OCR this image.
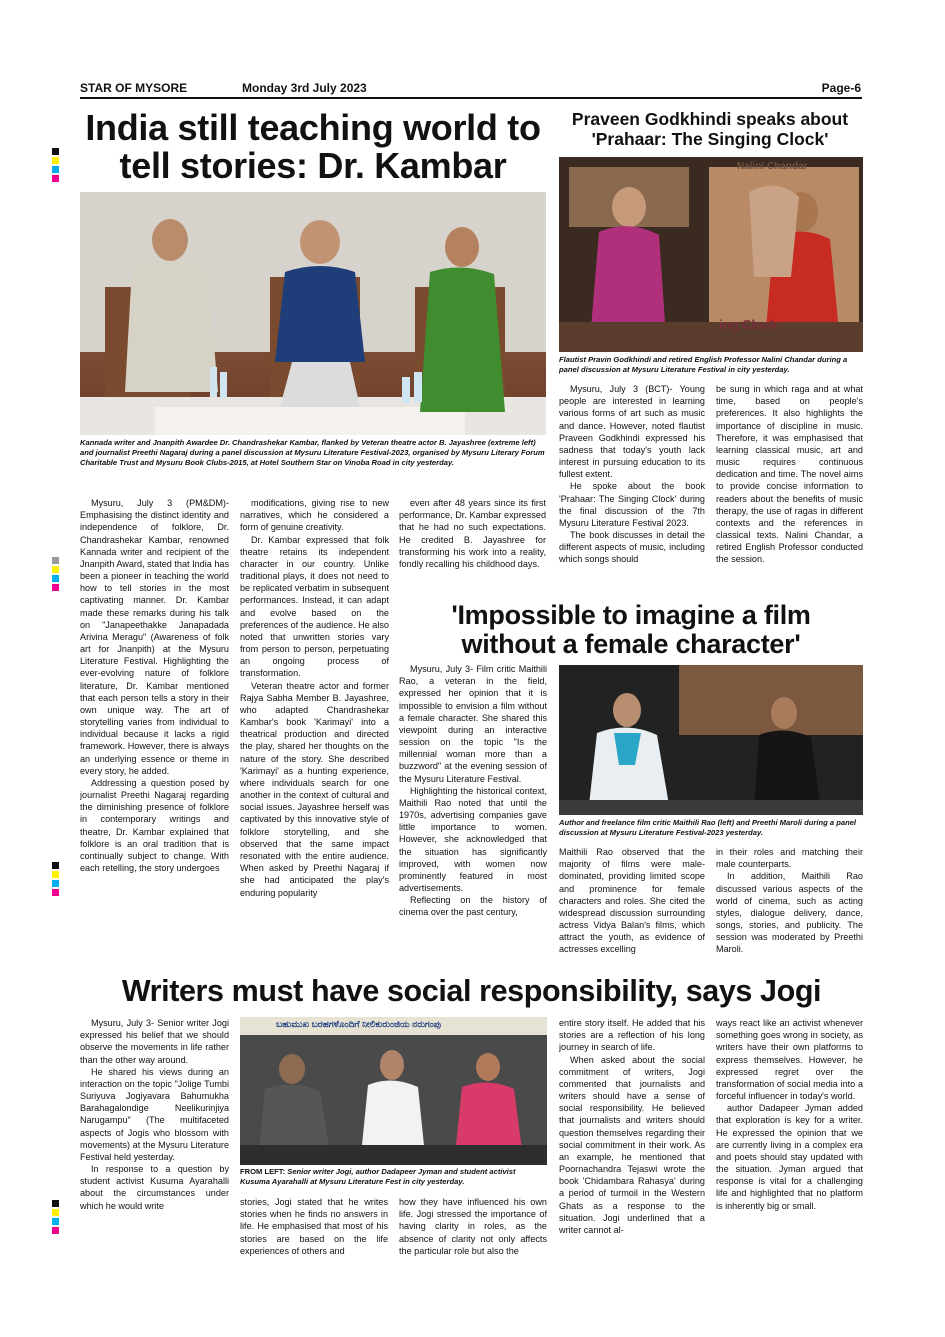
STAR OF MYSORE	Monday 3rd July 2023	Page-6
India still teaching world to
tell stories: Dr. Kambar
Kannada writer and Jnanpith Awardee Dr. Chandrashekar Kambar, flanked by Veteran theatre actor B. Jayashree (extreme left) and journalist Preethi Nagaraj during a panel discussion at Mysuru Literature Festival-2023, organised by Mysuru Literary Forum Charitable Trust and Mysuru Book Clubs-2015, at Hotel Southern Star on Vinoba Road in city yesterday.

Mysuru, July 3 (PM&DM)- Emphasising the distinct identity and independence of folklore, Dr. Chandrashekar Kambar, renowned Kannada writer and recipient of the Jnanpith Award, stated that India has been a pioneer in teaching the world how to tell stories in the most captivating manner. Dr. Kambar made these remarks during his talk on "Janapeethakke Janapadada Arivina Meragu" (Awareness of folk art for Jnanpith) at the Mysuru Literature Festival. Highlighting the ever-evolving nature of folklore literature, Dr. Kambar mentioned that each person tells a story in their own unique way. The art of storytelling varies from individual to individual because it lacks a rigid framework. However, there is always an underlying essence or theme in every story, he added.

Addressing a question posed by journalist Preethi Nagaraj regarding the diminishing presence of folklore in contemporary writings and theatre, Dr. Kambar explained that folklore is an oral tradition that is continually subject to change. With each retelling, the story undergoes

modifications, giving rise to new narratives, which he considered a form of genuine creativity.

Dr. Kambar expressed that folk theatre retains its independent character in our country. Unlike traditional plays, it does not need to be replicated verbatim in subsequent performances. Instead, it can adapt and evolve based on the preferences of the audience. He also noted that unwritten stories vary from person to person, perpetuating an ongoing process of transformation.

Veteran theatre actor and former Rajya Sabha Member B. Jayashree, who adapted Chandrashekar Kambar's book 'Karimayi' into a theatrical production and directed the play, shared her thoughts on the nature of the story. She described 'Karimayi' as a hunting experience, where individuals search for one another in the context of cultural and social issues. Jayashree herself was captivated by this innovative style of folklore storytelling, and she observed that the same impact resonated with the entire audience. When asked by Preethi Nagaraj if she had anticipated the play's enduring popularity

even after 48 years since its first performance, Dr. Kambar expressed that he had no such expectations. He credited B. Jayashree for transforming his work into a reality, fondly recalling his childhood days.

Praveen Godkhindi speaks about
'Prahaar: The Singing Clock'
Nalini Chandar
ing Clock
Flautist Pravin Godkhindi and retired English Professor Nalini Chandar during a panel discussion at Mysuru Literature Festival in city yesterday.

Mysuru, July 3 (BCT)- Young people are interested in learning various forms of art such as music and dance. However, noted flautist Praveen Godkhindi expressed his sadness that today's youth lack interest in pursuing education to its fullest extent.

He spoke about the book 'Prahaar: The Singing Clock' during the final discussion of the 7th Mysuru Literature Festival 2023.

The book discusses in detail the different aspects of music, including which songs should

be sung in which raga and at what time, based on people's preferences. It also highlights the importance of discipline in music. Therefore, it was emphasised that learning classical music, art and music requires continuous dedication and time. The novel aims to provide concise information to readers about the benefits of music therapy, the use of ragas in different contexts and the references in classical texts. Nalini Chandar, a retired English Professor conducted the session.

'Impossible to imagine a film
without a female character'
Author and freelance film critic Maithili Rao (left) and Preethi Maroli during a panel discussion at Mysuru Literature Festival-2023 yesterday.

Mysuru, July 3- Film critic Maithili Rao, a veteran in the field, expressed her opinion that it is impossible to envision a film without a female character. She shared this viewpoint during an interactive session on the topic "Is the millennial woman more than a buzzword" at the evening session of the Mysuru Literature Festival.

Highlighting the historical context, Maithili Rao noted that until the 1970s, advertising companies gave little importance to women. However, she acknowledged that the situation has significantly improved, with women now prominently featured in most advertisements.

Reflecting on the history of cinema over the past century,

Maithili Rao observed that the majority of films were male-dominated, providing limited scope and prominence for female characters and roles. She cited the widespread discussion surrounding actress Vidya Balan's films, which attract the youth, as evidence of actresses excelling

in their roles and matching their male counterparts.

In addition, Maithili Rao discussed various aspects of the world of cinema, such as acting styles, dialogue delivery, dance, songs, stories, and publicity. The session was moderated by Preethi Maroli.

Writers must have social responsibility, says Jogi
ಬಹುಮುಖ ಬರಹಗಳೊಂದಿಗೆ ನೀಲಿಕುರುಂಜಿಯ ನರುಗಂಪು
FROM LEFT: Senior writer Jogi, author Dadapeer Jyman and student activist Kusuma Ayarahalli at Mysuru Literature Fest in city yesterday.

Mysuru, July 3- Senior writer Jogi expressed his belief that we should observe the movements in life rather than the other way around.

He shared his views during an interaction on the topic "Jolige Tumbi Suriyuva Jogiyavara Bahumukha Barahagalondige Neelikurinjiya Narugampu" (The multifaceted aspects of Jogis who blossom with movements) at the Mysuru Literature Festival held yesterday.

In response to a question by student activist Kusuma Ayarahalli about the circumstances under which he would write	stories, Jogi stated that he writes stories when he finds no answers in life. He emphasised that most of his stories are based on the life experiences of others and

how they have influenced his own life. Jogi stressed the importance of having clarity in roles, as the absence of clarity not only affects the particular role but also the

entire story itself. He added that his stories are a reflection of his long journey in search of life.

When asked about the social commitment of writers, Jogi commented that journalists and writers should have a sense of social responsibility. He believed that journalists and writers should question themselves regarding their social commitment in their work. As an example, he mentioned that Poornachandra Tejaswi wrote the book 'Chidambara Rahasya' during a period of turmoil in the Western Ghats as a response to the situation. Jogi underlined that a writer cannot al-

ways react like an activist whenever something goes wrong in society, as writers have their own platforms to express themselves. However, he expressed regret over the transformation of social media into a forceful influencer in today's world.

author Dadapeer Jyman added that exploration is key for a writer. He expressed the opinion that we are currently living in a complex era and poets should stay updated with the situation. Jyman argued that response is vital for a challenging life and highlighted that no platform is inherently big or small.
